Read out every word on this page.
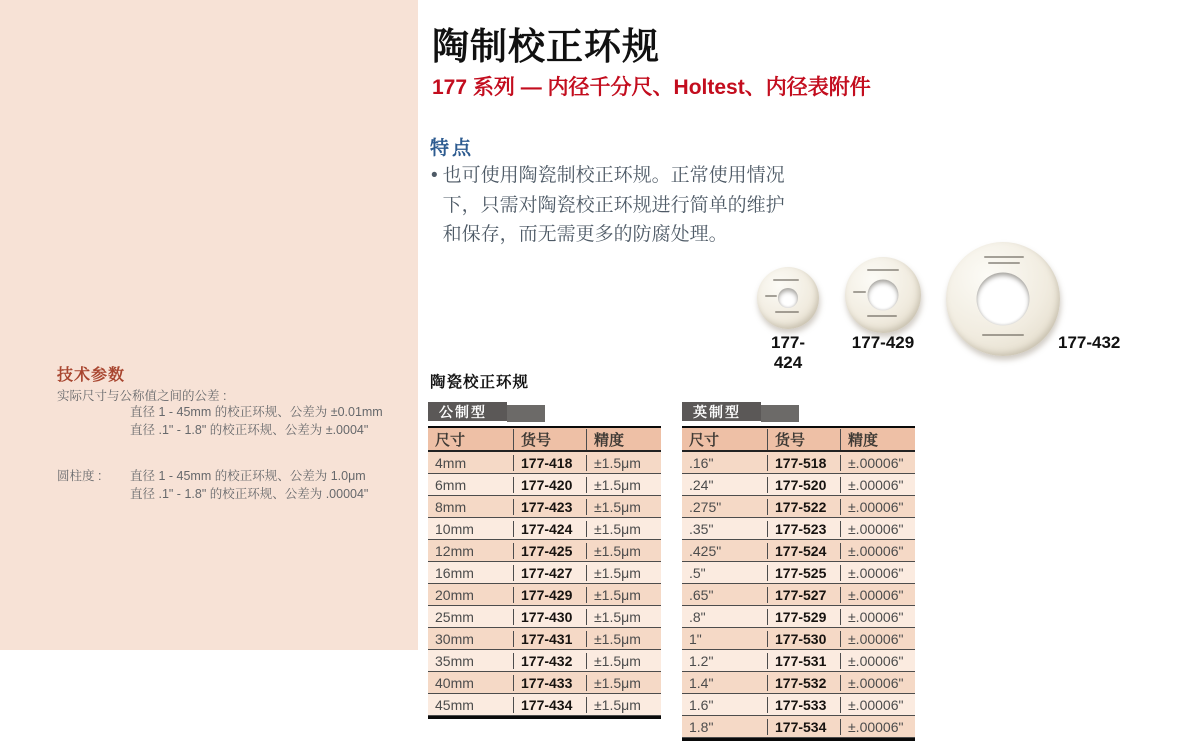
陶制校正环规
177 系列 — 内径千分尺、Holtest、内径表附件
特点
• 也可使用陶瓷制校正环规。正常使用情况下，只需对陶瓷校正环规进行简单的维护和保存，而无需更多的防腐处理。
177-424
177-429	177-432
技术参数
实际尺寸与公称值之间的公差 :
直径 1 - 45mm 的校正环规、公差为 ±0.01mm
直径 .1" - 1.8" 的校正环规、公差为 ±.0004"
圆柱度 : 直径 1 - 45mm 的校正环规、公差为 1.0μm
直径 .1" - 1.8" 的校正环规、公差为 .00004"
陶瓷校正环规
公制型	英制型
尺寸	货号	精度
4mm	177-418	±1.5μm
6mm	177-420	±1.5μm
8mm	177-423	±1.5μm
10mm	177-424	±1.5μm
12mm	177-425	±1.5μm
16mm	177-427	±1.5μm
20mm	177-429	±1.5μm
25mm	177-430	±1.5μm
30mm	177-431	±1.5μm
35mm	177-432	±1.5μm
40mm	177-433	±1.5μm
45mm	177-434	±1.5μm
尺寸	货号	精度
.16"	177-518	±.00006"
.24"	177-520	±.00006"
.275"	177-522	±.00006"
.35"	177-523	±.00006"
.425"	177-524	±.00006"
.5"	177-525	±.00006"
.65"	177-527	±.00006"
.8"	177-529	±.00006"
1"	177-530	±.00006"
1.2"	177-531	±.00006"
1.4"	177-532	±.00006"
1.6"	177-533	±.00006"
1.8"	177-534	±.00006"
